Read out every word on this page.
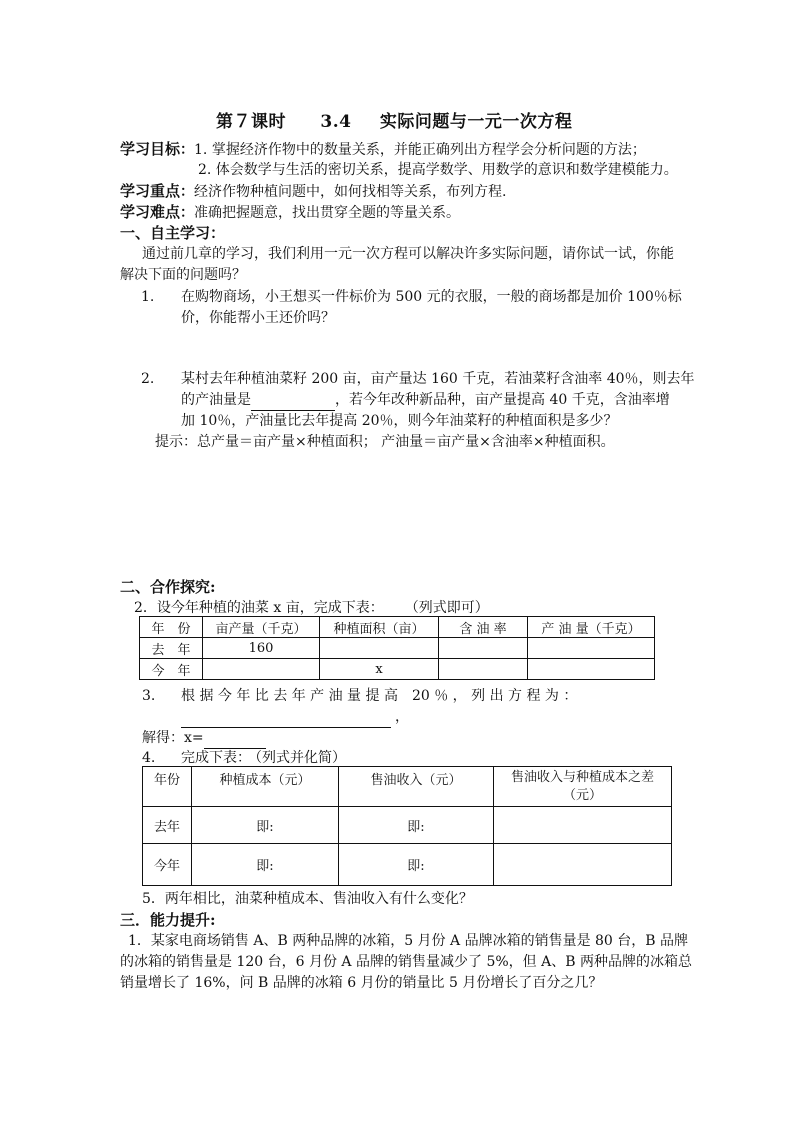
第７课时 3.4 实际问题与一元一次方程
学习目标：1. 掌握经济作物中的数量关系，并能正确列出方程学会分析问题的方法；
2. 体会数学与生活的密切关系，提高学数学、用数学的意识和数学建模能力。
学习重点：经济作物种植问题中，如何找相等关系，布列方程.
学习难点：准确把握题意，找出贯穿全题的等量关系。
一、自主学习：
通过前几章的学习，我们利用一元一次方程可以解决许多实际问题，请你试一试，你能
解决下面的问题吗？
1. 在购物商场，小王想买一件标价为 500 元的衣服，一般的商场都是加价 100％标
价，你能帮小王还价吗？
2. 某村去年种植油菜籽 200 亩，亩产量达 160 千克，若油菜籽含油率 40％，则去年
的产油量是	，若今年改种新品种，亩产量提高 40 千克，含油率增
加 10％，产油量比去年提高 20％，则今年油菜籽的种植面积是多少？
提示：总产量＝亩产量×种植面积； 产油量＝亩产量×含油率×种植面积。
二、合作探究:
2．设今年种植的油菜 x 亩，完成下表： （列式即可）
年　份	亩产量（千克）	种植面积（亩）	含 油 率	产 油 量（千克）
去　年	160			
今　年		x		
3. 根 据 今 年 比 去 年 产 油 量 提 高　20 ％ ， 列 出 方 程 为 ：
，
解得：x=
4. 完成下表： （列式并化简）
年份	种植成本（元）	售油收入（元）	售油收入与种植成本之差
（元）

去年	即:	即:	
今年	即:	即:	
5．两年相比，油菜种植成本、售油收入有什么变化？
三．能力提升:
1．某家电商场销售 A、B 两种品牌的冰箱，5 月份 A 品牌冰箱的销售量是 80 台，B 品牌
的冰箱的销售量是 120 台，6 月份 A 品牌的销售量减少了 5%，但 A、B 两种品牌的冰箱总
销量增长了 16%，问 B 品牌的冰箱 6 月份的销量比 5 月份增长了百分之几？
